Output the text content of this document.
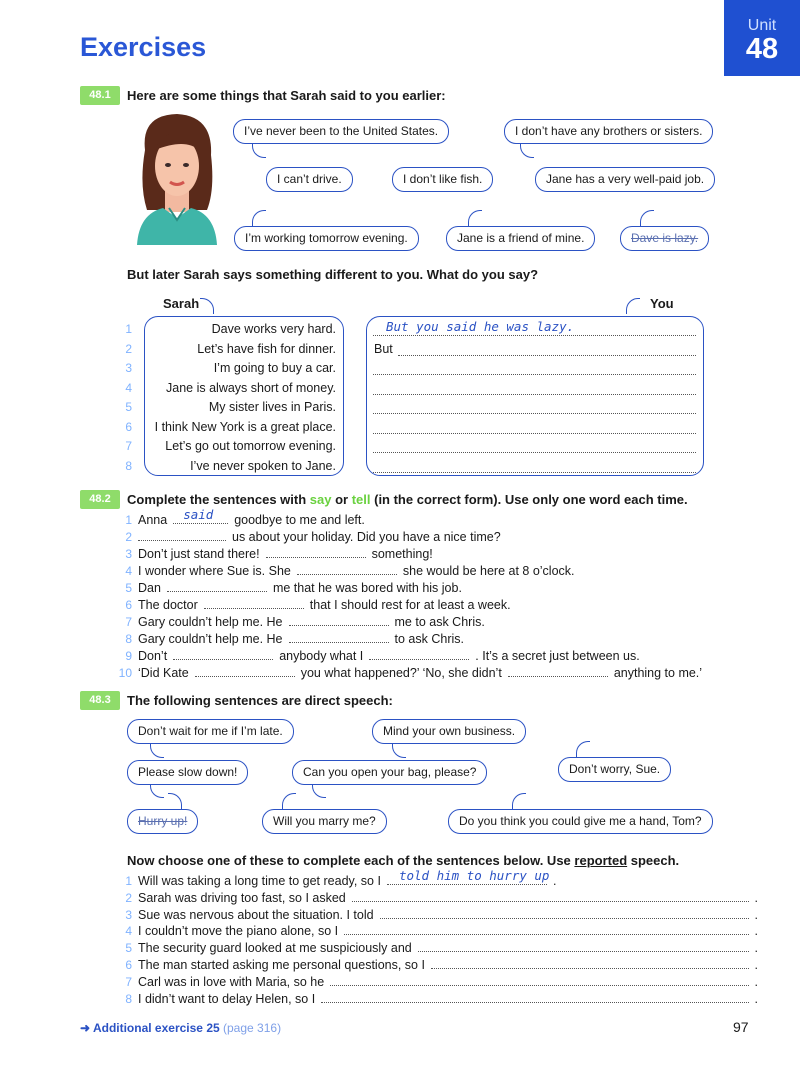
Exercises
Unit
48
48.1	Here are some things that Sarah said to you earlier:
I’ve never been to the United States.	I don’t have any brothers or sisters.
I can’t drive.	I don’t like fish.	Jane has a very well-paid job.
I’m working tomorrow evening.	Jane is a friend of mine.	Dave is lazy.
But later Sarah says something different to you. What do you say?
Sarah	You
1	Dave works very hard.	But you said he was lazy.
2	Let’s have fish for dinner.	But
3	I’m going to buy a car.
4	Jane is always short of money.
5	My sister lives in Paris.
6 I think New York is a great place.
7	Let’s go out tomorrow evening.
8	I’ve never spoken to Jane.
48.2	Complete the sentences with say or tell (in the correct form). Use only one word each time.
1 Anna said goodbye to me and left.
2	us about your holiday. Did you have a nice time?
3 Don’t just stand there!	something!
4 I wonder where Sue is. She	she would be here at 8 o’clock.
5 Dan	me that he was bored with his job.
6 The doctor	that I should rest for at least a week.
7 Gary couldn’t help me. He	me to ask Chris.
8 Gary couldn’t help me. He	to ask Chris.
9 Don’t	anybody what I	. It’s a secret just between us.
10 ‘Did Kate	you what happened?’ ‘No, she didn’t	anything to me.’
48.3	The following sentences are direct speech:
Don’t wait for me if I’m late.	Mind your own business.
Please slow down!	Can you open your bag, please?	Don’t worry, Sue.
Hurry up!	Will you marry me?	Do you think you could give me a hand, Tom?
Now choose one of these to complete each of the sentences below. Use reported speech.
1 Will was taking a long time to get ready, so I told him to hurry up .
2 Sarah was driving too fast, so I asked	.
3 Sue was nervous about the situation. I told	.
4 I couldn’t move the piano alone, so I	.
5 The security guard looked at me suspiciously and	.
6 The man started asking me personal questions, so I	.
7 Carl was in love with Maria, so he	.
8 I didn’t want to delay Helen, so I	.
➜ Additional exercise 25 (page 316)	97
